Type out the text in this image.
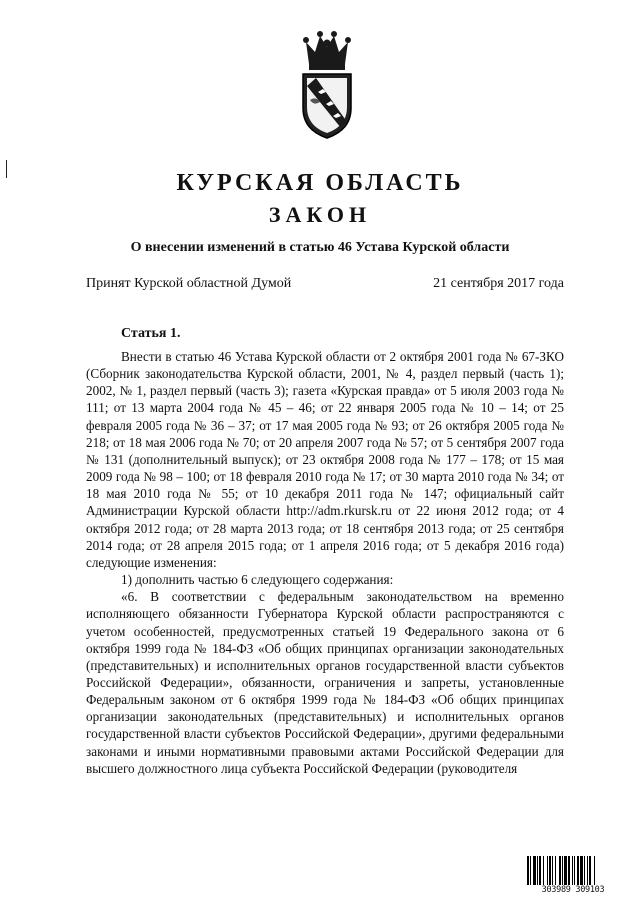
КУРСКАЯ ОБЛАСТЬ
ЗАКОН
О внесении изменений в статью 46 Устава Курской области
Принят Курской областной Думой	21 сентября 2017 года
Статья 1.

Внести в статью 46 Устава Курской области от 2 октября 2001 года № 67-ЗКО (Сборник законодательства Курской области, 2001, № 4, раздел первый (часть 1); 2002, № 1, раздел первый (часть 3); газета «Курская правда» от 5 июля 2003 года № 111; от 13 марта 2004 года № 45 – 46; от 22 января 2005 года № 10 – 14; от 25 февраля 2005 года № 36 – 37; от 17 мая 2005 года № 93; от 26 октября 2005 года № 218; от 18 мая 2006 года № 70; от 20 апреля 2007 года № 57; от 5 сентября 2007 года № 131 (дополнительный выпуск); от 23 октября 2008 года № 177 – 178; от 15 мая 2009 года № 98 – 100; от 18 февраля 2010 года № 17; от 30 марта 2010 года № 34; от 18 мая 2010 года № 55; от 10 декабря 2011 года № 147; официальный сайт Администрации Курской области http://adm.rkursk.ru от 22 июня 2012 года; от 4 октября 2012 года; от 28 марта 2013 года; от 18 сентября 2013 года; от 25 сентября 2014 года; от 28 апреля 2015 года; от 1 апреля 2016 года; от 5 декабря 2016 года) следующие изменения:

1) дополнить частью 6 следующего содержания:

«6. В соответствии с федеральным законодательством на временно исполняющего обязанности Губернатора Курской области распространяются с учетом особенностей, предусмотренных статьей 19 Федерального закона от 6 октября 1999 года № 184-ФЗ «Об общих принципах организации законодательных (представительных) и исполнительных органов государственной власти субъектов Российской Федерации», обязанности, ограничения и запреты, установленные Федеральным законом от 6 октября 1999 года № 184-ФЗ «Об общих принципах организации законодательных (представительных) и исполнительных органов государственной власти субъектов Российской Федерации», другими федеральными законами и иными нормативными правовыми актами Российской Федерации для высшего должностного лица субъекта Российской Федерации (руководителя

303989 309103
